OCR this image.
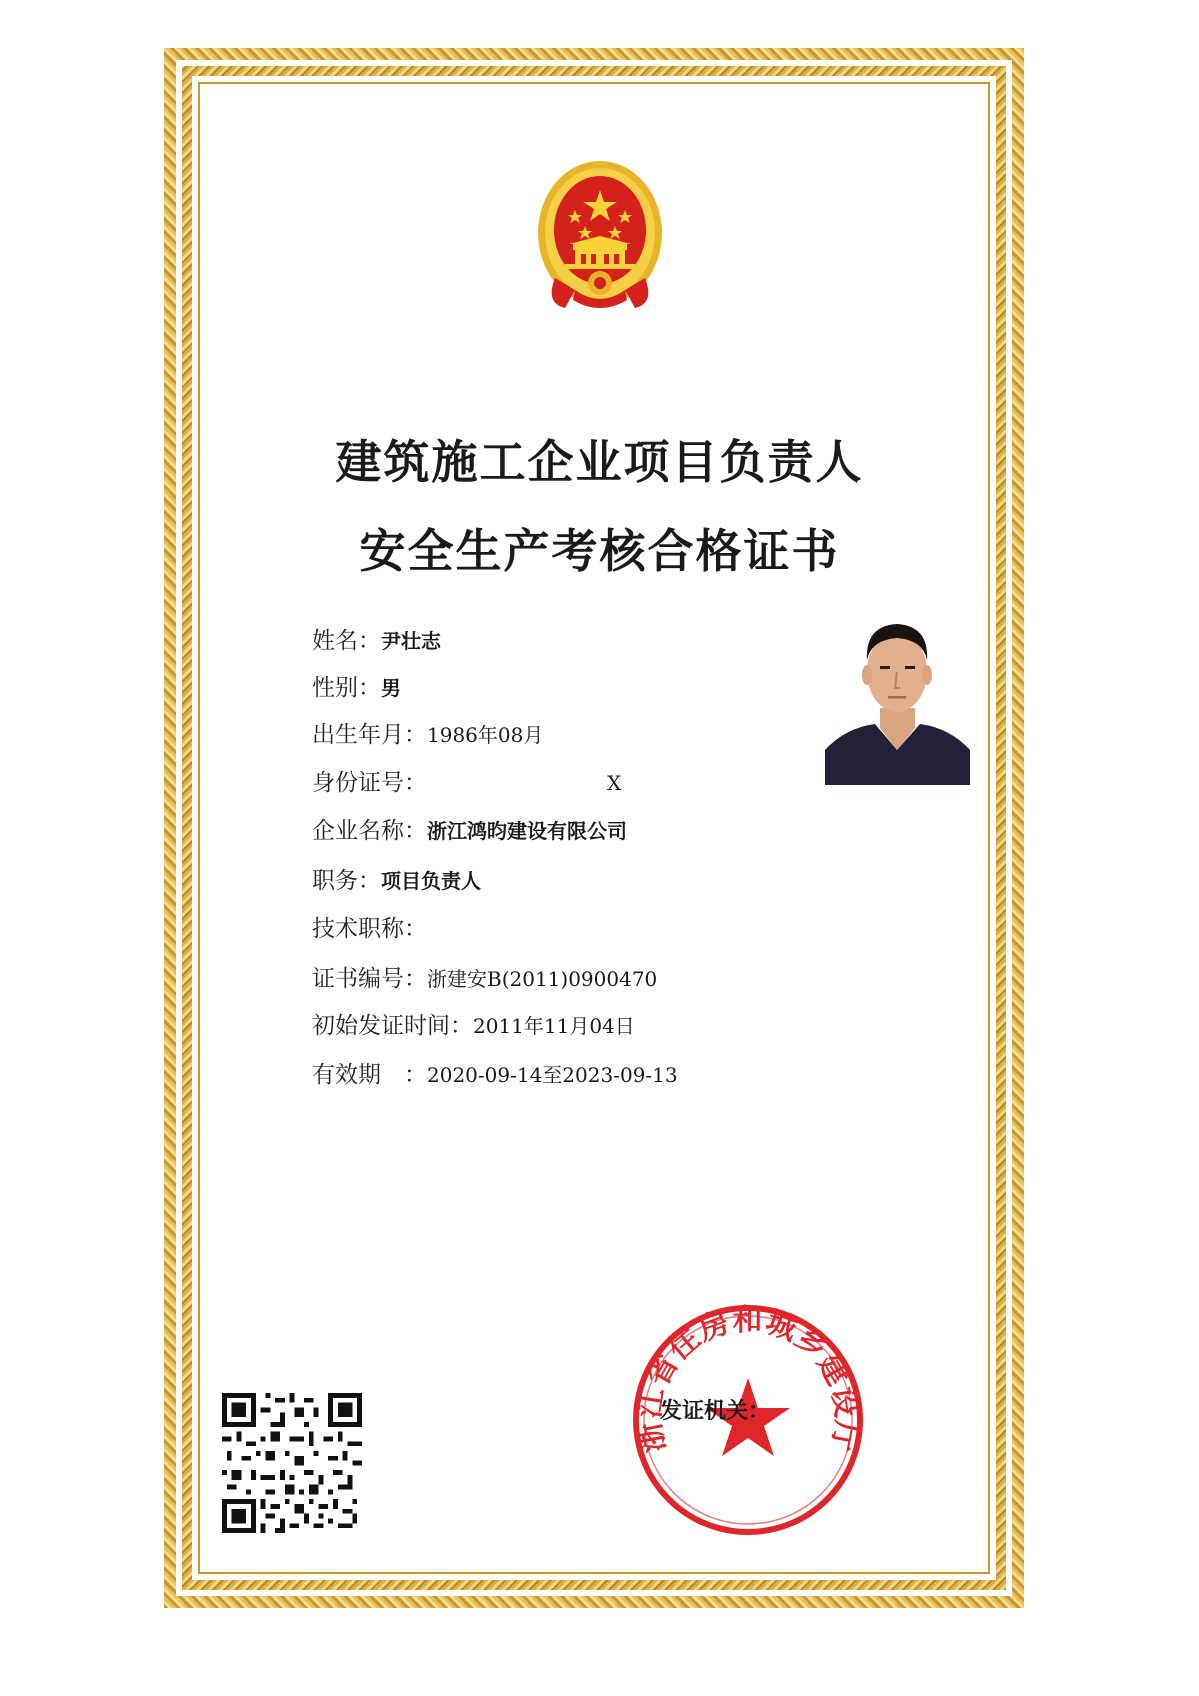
建筑施工企业项目负责人
安全生产考核合格证书
姓名：尹壮志
性别：男
出生年月：1986年08月
身份证号：	X
企业名称：浙江鸿昀建设有限公司
职务：项目负责人
技术职称：
证书编号：浙建安B(2011)0900470
初始发证时间：2011年11月04日
有效期　：2020-09-14至2023-09-13
浙江省住房和城乡建设厅
发证机关：
